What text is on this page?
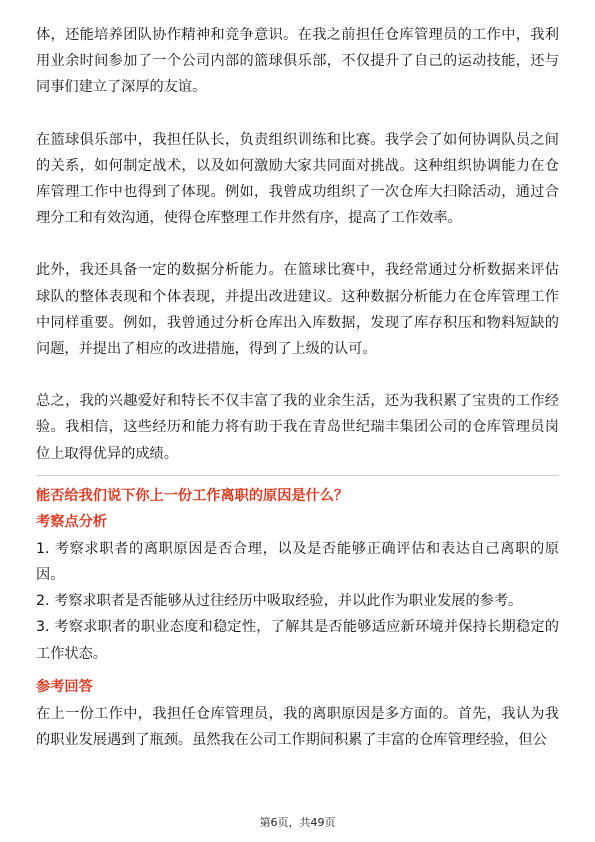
体，还能培养团队协作精神和竞争意识。在我之前担任仓库管理员的工作中，我利用业余时间参加了一个公司内部的篮球俱乐部，不仅提升了自己的运动技能，还与同事们建立了深厚的友谊。

在篮球俱乐部中，我担任队长，负责组织训练和比赛。我学会了如何协调队员之间的关系，如何制定战术，以及如何激励大家共同面对挑战。这种组织协调能力在仓库管理工作中也得到了体现。例如，我曾成功组织了一次仓库大扫除活动，通过合理分工和有效沟通，使得仓库整理工作井然有序，提高了工作效率。

此外，我还具备一定的数据分析能力。在篮球比赛中，我经常通过分析数据来评估球队的整体表现和个体表现，并提出改进建议。这种数据分析能力在仓库管理工作中同样重要。例如，我曾通过分析仓库出入库数据，发现了库存积压和物料短缺的问题，并提出了相应的改进措施，得到了上级的认可。

总之，我的兴趣爱好和特长不仅丰富了我的业余生活，还为我积累了宝贵的工作经验。我相信，这些经历和能力将有助于我在青岛世纪瑞丰集团公司的仓库管理员岗位上取得优异的成绩。

能否给我们说下你上一份工作离职的原因是什么？

考察点分析

1. 考察求职者的离职原因是否合理，以及是否能够正确评估和表达自己离职的原因。

2. 考察求职者是否能够从过往经历中吸取经验，并以此作为职业发展的参考。

3. 考察求职者的职业态度和稳定性，了解其是否能够适应新环境并保持长期稳定的工作状态。

参考回答

在上一份工作中，我担任仓库管理员，我的离职原因是多方面的。首先，我认为我的职业发展遇到了瓶颈。虽然我在公司工作期间积累了丰富的仓库管理经验，但公

第6页，共49页
